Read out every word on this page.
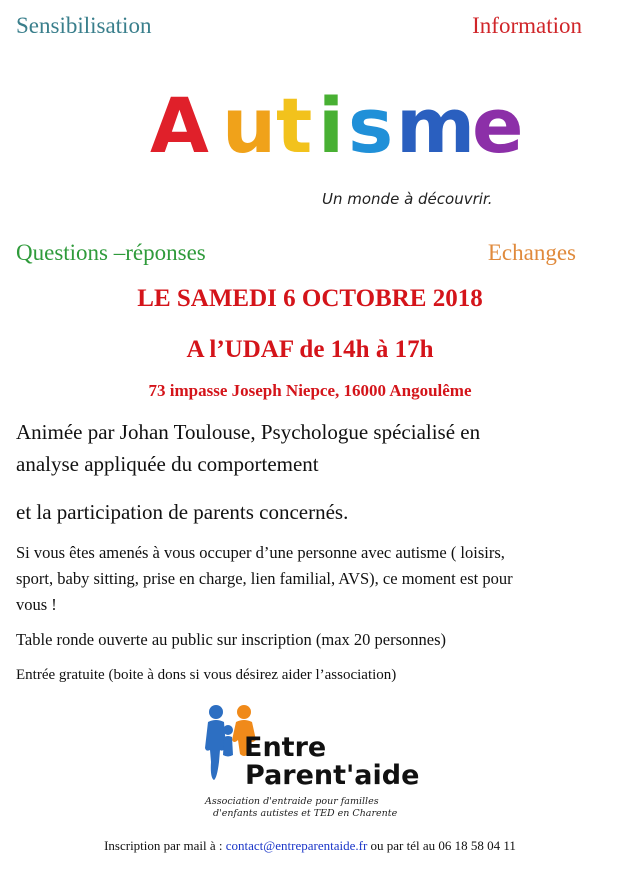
Sensibilisation	Information
A u t i s m
e
Un monde à découvrir.
Questions –réponses	Echanges
LE SAMEDI 6 OCTOBRE 2018
A l’UDAF de 14h à 17h
73 impasse Joseph Niepce, 16000 Angoulême
Animée par Johan Toulouse, Psychologue spécialisé en
analyse appliquée du comportement
et la participation de parents concernés.
Si vous êtes amenés à vous occuper d’une personne avec autisme ( loisirs,
sport, baby sitting, prise en charge, lien familial, AVS), ce moment est pour
vous !
Table ronde ouverte au public sur inscription (max 20 personnes)
Entrée gratuite (boite à dons si vous désirez aider l’association)
Entre
Parent'aide
Association d'entraide pour familles
d'enfants autistes et TED en Charente
Inscription par mail à : contact@entreparentaide.fr ou par tél au 06 18 58 04 11
